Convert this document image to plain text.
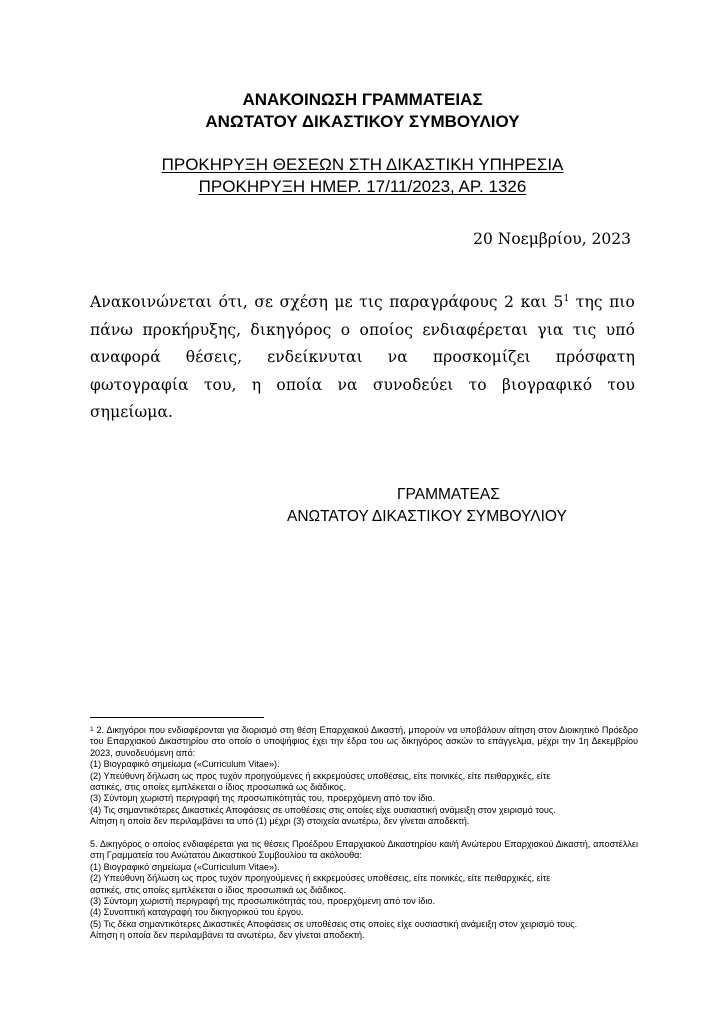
ΑΝΑΚΟΙΝΩΣΗ ΓΡΑΜΜΑΤΕΙΑΣ
ΑΝΩΤΑΤΟΥ ΔΙΚΑΣΤΙΚΟΥ ΣΥΜΒΟΥΛΙΟΥ
ΠΡΟΚΗΡΥΞΗ ΘΕΣΕΩΝ ΣΤΗ ΔΙΚΑΣΤΙΚΗ ΥΠΗΡΕΣΙΑ
ΠΡΟΚΗΡΥΞΗ ΗΜΕΡ. 17/11/2023, ΑΡ. 1326
20 Νοεμβρίου, 2023
Ανακοινώνεται ότι, σε σχέση με τις παραγράφους 2 και $5^1$ της πιο πάνω προκήρυξης, δικηγόρος ο οποίος ενδιαφέρεται για τις υπό αναφορά θέσεις, ενδείκνυται να προσκομίζει πρόσφατη φωτογραφία του, η οποία να συνοδεύει το βιογραφικό του σημείωμα.
ΓΡΑΜΜΑΤΕΑΣ
ΑΝΩΤΑΤΟΥ ΔΙΚΑΣΤΙΚΟΥ ΣΥΜΒΟΥΛΙΟΥ

$^1$ 2. Δικηγόροι που ενδιαφέρονται για διορισμό στη θέση Επαρχιακού Δικαστή, μπορούν να υποβάλουν αίτηση στον Διοικητικό Πρόεδρο του Επαρχιακού Δικαστηρίου στο οποίο ο υποψήφιος έχει την έδρα του ως δικηγόρος ασκών το επάγγελμα, μέχρι την 1η Δεκεμβρίου 2023, συνοδευόμενη από:

(1) Βιογραφικό σημείωμα («Curriculum Vitae»).
(2) Υπεύθυνη δήλωση ως προς τυχόν προηγούμενες ή εκκρεμούσες υποθέσεις, είτε ποινικές, είτε πειθαρχικές, είτε
αστικές, στις οποίες εμπλέκεται ο ίδιος προσωπικά ως διάδικος.
(3) Σύντομη χωριστή περιγραφή της προσωπικότητάς του, προερχόμενη από τον ίδιο.
(4) Τις σημαντικότερες Δικαστικές Αποφάσεις σε υποθέσεις στις οποίες είχε ουσιαστική ανάμειξη στον χειρισμό τους.
Αίτηση η οποία δεν περιλαμβάνει τα υπό (1) μέχρι (3) στοιχεία ανωτέρω, δεν γίνεται αποδεκτή.

5. Δικηγόρος ο οποίος ενδιαφέρεται για τις θέσεις Προέδρου Επαρχιακού Δικαστηρίου και/ή Ανώτερου Επαρχιακού Δικαστή, αποστέλλει στη Γραμματεία του Ανώτατου Δικαστικού Συμβουλίου τα ακόλουθα:

(1) Βιογραφικό σημείωμα («Curriculum Vitae»).
(2) Υπεύθυνη δήλωση ως προς τυχόν προηγούμενες ή εκκρεμούσες υποθέσεις, είτε ποινικές, είτε πειθαρχικές, είτε
αστικές, στις οποίες εμπλέκεται ο ίδιος προσωπικά ως διάδικος.
(3) Σύντομη χωριστή περιγραφή της προσωπικότητάς του, προερχόμενη από τον ίδιο.
(4) Συνοπτική καταγραφή του δικηγορικού του έργου.
(5) Τις δέκα σημαντικότερες Δικαστικές Αποφάσεις σε υποθέσεις στις οποίες είχε ουσιαστική ανάμειξη στον χειρισμό τους.
Αίτηση η οποία δεν περιλαμβάνει τα ανωτέρω, δεν γίνεται αποδεκτή.
